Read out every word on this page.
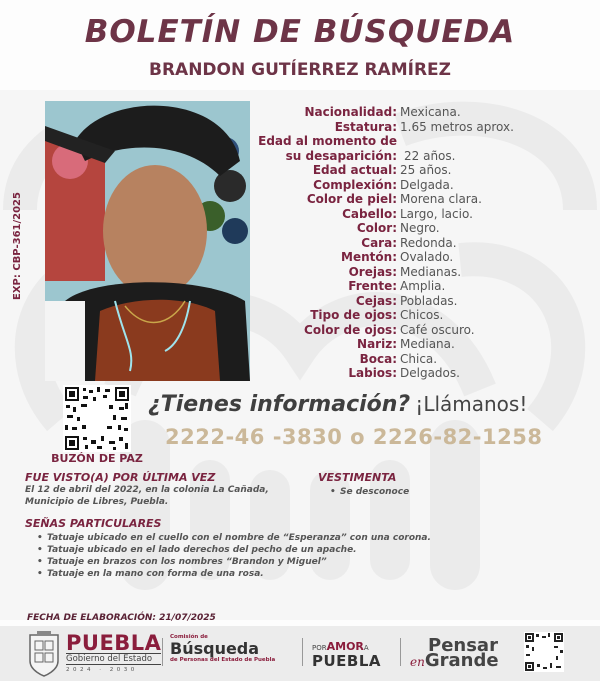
BOLETÍN DE BÚSQUEDA
BRANDON GUTÍERREZ RAMÍREZ
EXP: CBP-361/2025
Nacionalidad: Mexicana.
Estatura: 1.65 metros aprox.
Edad al momento de
su desaparición: 22 años.
Edad actual: 25 años.
Complexión: Delgada.
Color de piel: Morena clara.
Cabello: Largo, lacio.
Color: Negro.
Cara: Redonda.
Mentón: Ovalado.
Orejas: Medianas.
Frente: Amplia.
Cejas: Pobladas.
Tipo de ojos: Chicos.
Color de ojos: Café oscuro.
Nariz: Mediana.
Boca: Chica.
Labios: Delgados.
BUZÓN DE PAZ
¿Tienes información? ¡Llámanos!
2222-46 -3830 o 2226-82-1258
FUE VISTO(A) POR ÚLTIMA VEZ
El 12 de abril del 2022, en la colonia La Cañada,
Municipio de Libres, Puebla.
VESTIMENTA
• Se desconoce
SEÑAS PARTICULARES
• Tatuaje ubicado en el cuello con el nombre de “Esperanza” con una corona.
• Tatuaje ubicado en el lado derechos del pecho de un apache.
• Tatuaje en brazos con los nombres “Brandon y Miguel”
• Tatuaje en la mano con forma de una rosa.
FECHA DE ELABORACIÓN: 21/07/2025
PUEBLA
Gobierno del Estado
2024 · 2030
Comisión de
Búsqueda
de Personas del Estado de Puebla
PORAMORA
PUEBLA
Pensar
enGrande
